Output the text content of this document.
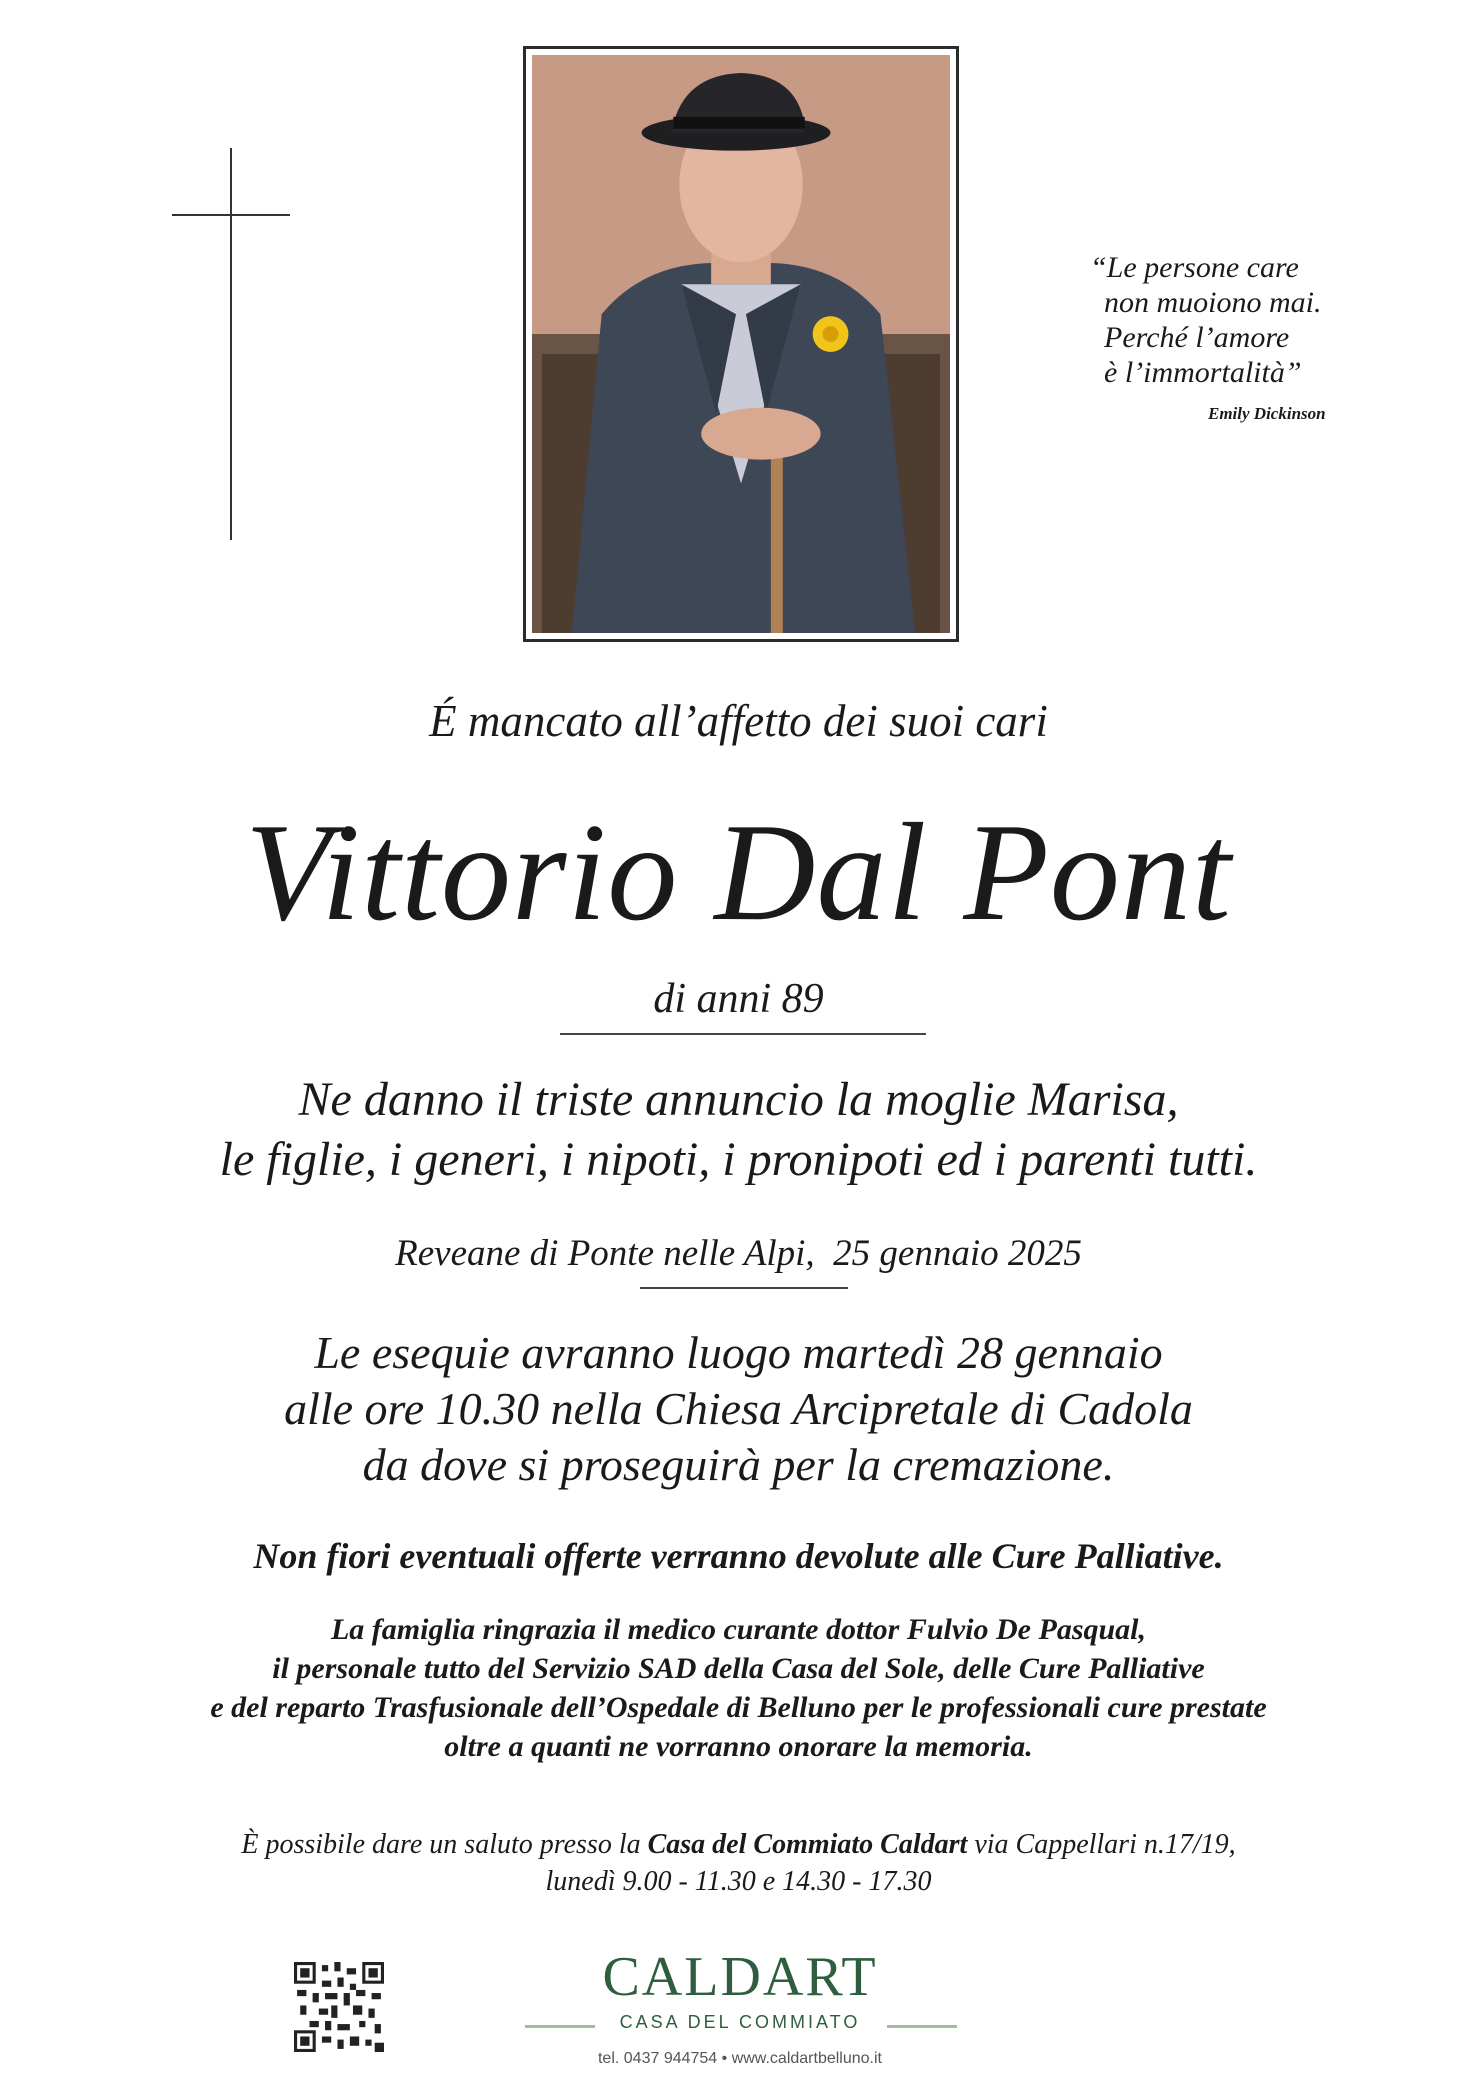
“Le persone care
non muoiono mai.
Perché l’amore
è l’immortalità”
Emily Dickinson
É mancato all’affetto dei suoi cari
Vittorio Dal Pont
di anni 89
Ne danno il triste annuncio la moglie Marisa,
le figlie, i generi, i nipoti, i pronipoti ed i parenti tutti.
Reveane di Ponte nelle Alpi,  25 gennaio 2025
Le esequie avranno luogo martedì 28 gennaio
alle ore 10.30 nella Chiesa Arcipretale di Cadola
da dove si proseguirà per la cremazione.
Non fiori eventuali offerte verranno devolute alle Cure Palliative.
La famiglia ringrazia il medico curante dottor Fulvio De Pasqual,
il personale tutto del Servizio SAD della Casa del Sole, delle Cure Palliative
e del reparto Trasfusionale dell’Ospedale di Belluno per le professionali cure prestate
oltre a quanti ne vorranno onorare la memoria.
È possibile dare un saluto presso la Casa del Commiato Caldart via Cappellari n.17/19,
lunedì 9.00 - 11.30 e 14.30 - 17.30
CALDART
CASA DEL COMMIATO
tel. 0437 944754 • www.caldartbelluno.it
